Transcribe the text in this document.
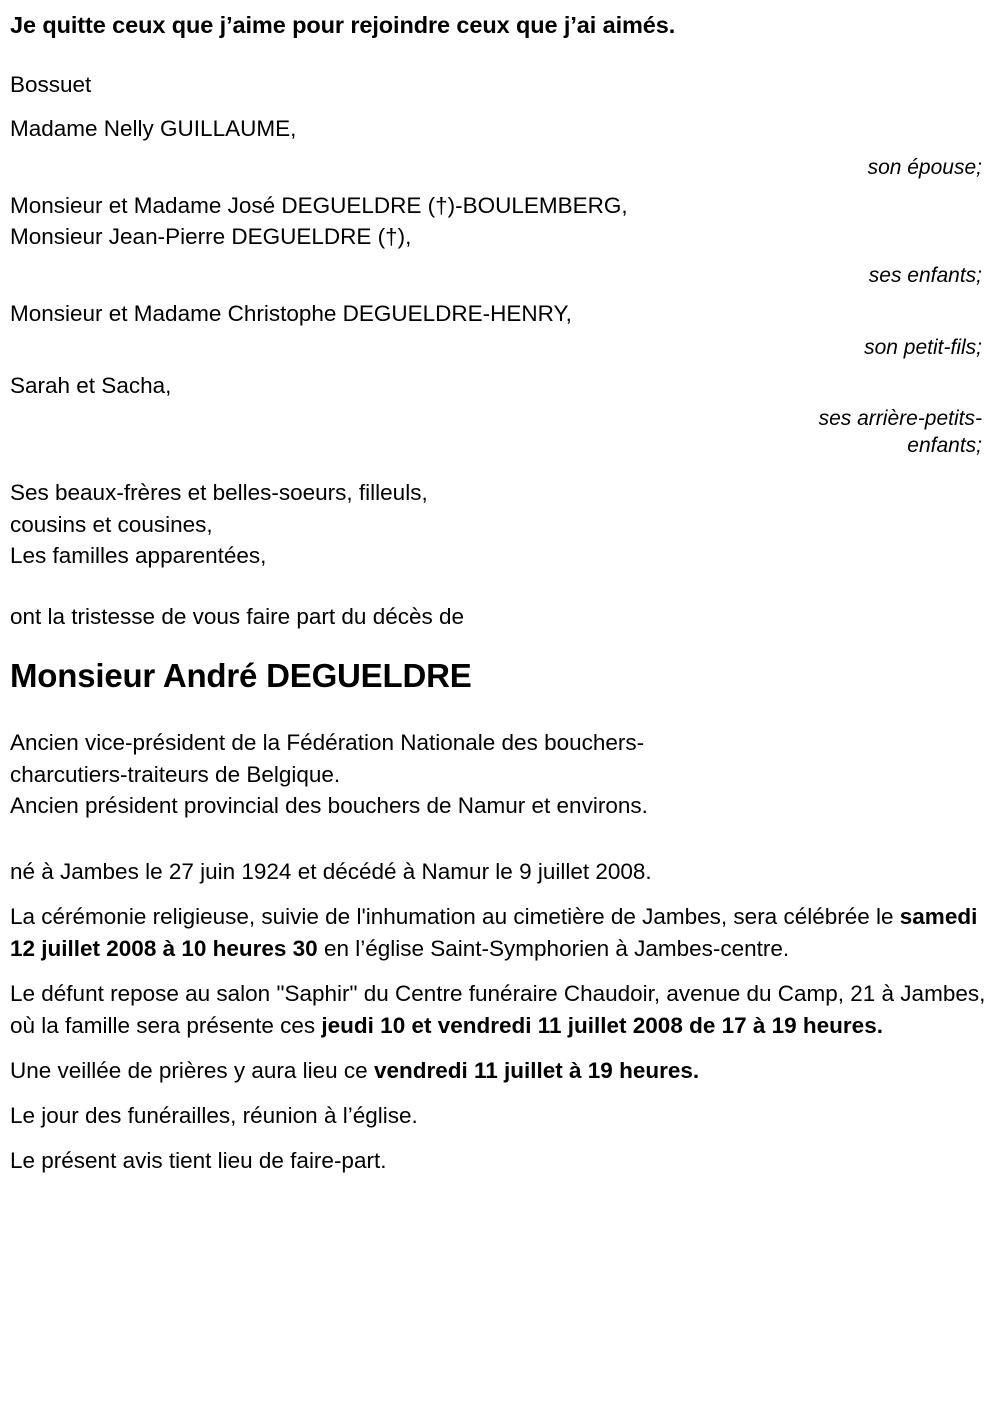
Je quitte ceux que j’aime pour rejoindre ceux que j’ai aimés.
Bossuet
Madame Nelly GUILLAUME,
son épouse;
Monsieur et Madame José DEGUELDRE (†)-BOULEMBERG,
Monsieur Jean-Pierre DEGUELDRE (†),
ses enfants;
Monsieur et Madame Christophe DEGUELDRE-HENRY,
son petit-fils;
Sarah et Sacha,
ses arrière-petits-
enfants;
Ses beaux-frères et belles-soeurs, filleuls,
cousins et cousines,
Les familles apparentées,
ont la tristesse de vous faire part du décès de
Monsieur André DEGUELDRE
Ancien vice-président de la Fédération Nationale des bouchers-
charcutiers-traiteurs de Belgique.
Ancien président provincial des bouchers de Namur et environs.
né à Jambes le 27 juin 1924 et décédé à Namur le 9 juillet 2008.

La cérémonie religieuse, suivie de l'inhumation au cimetière de Jambes, sera célébrée le samedi 12 juillet 2008 à 10 heures 30 en l’église Saint-Symphorien à Jambes-centre.

Le défunt repose au salon "Saphir" du Centre funéraire Chaudoir, avenue du Camp, 21 à Jambes, où la famille sera présente ces jeudi 10 et vendredi 11 juillet 2008 de 17 à 19 heures.

Une veillée de prières y aura lieu ce vendredi 11 juillet à 19 heures.

Le jour des funérailles, réunion à l’église.
Le présent avis tient lieu de faire-part.
